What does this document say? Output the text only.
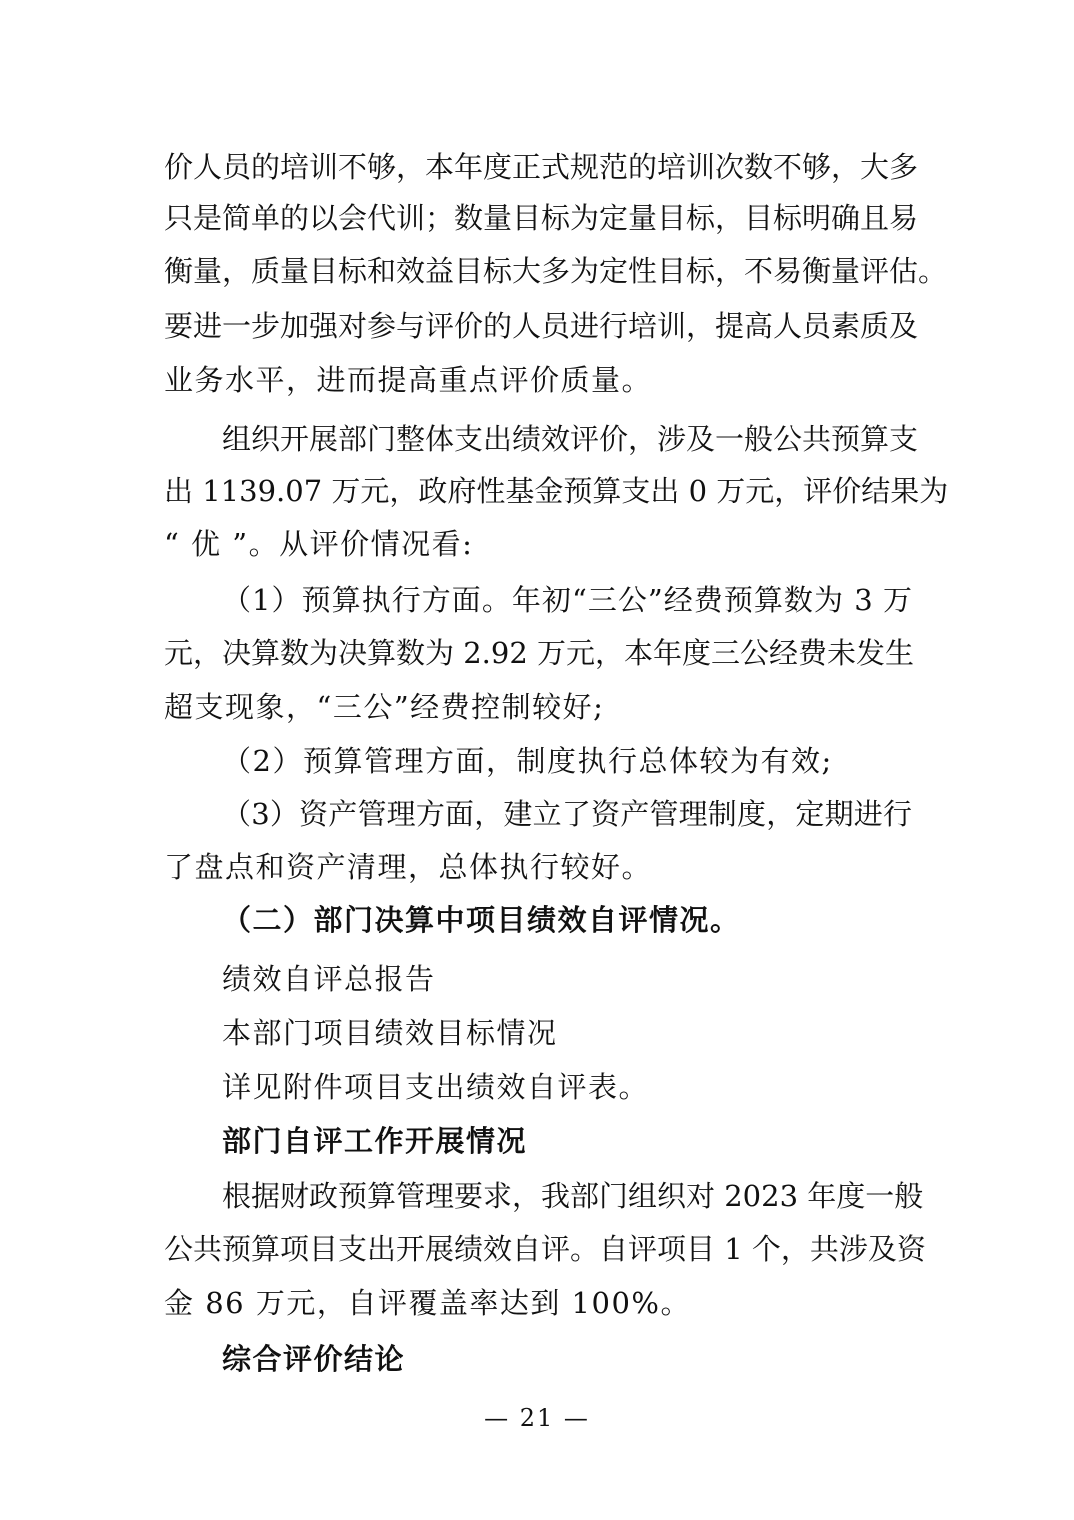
价人员的培训不够，本年度正式规范的培训次数不够，大多
只是简单的以会代训；数量目标为定量目标，目标明确且易
衡量，质量目标和效益目标大多为定性目标，不易衡量评估。
要进一步加强对参与评价的人员进行培训，提高人员素质及
业务水平，进而提高重点评价质量。
组织开展部门整体支出绩效评价，涉及一般公共预算支
出 1139.07 万元，政府性基金预算支出 0 万元，评价结果为
“ 优 ”。从评价情况看:
（1）预算执行方面。年初“三公”经费预算数为 3 万
元，决算数为决算数为 2.92 万元，本年度三公经费未发生
超支现象，“三公”经费控制较好;
（2）预算管理方面，制度执行总体较为有效;
（3）资产管理方面，建立了资产管理制度，定期进行
了盘点和资产清理，总体执行较好。
（二）部门决算中项目绩效自评情况。
绩效自评总报告
本部门项目绩效目标情况
详见附件项目支出绩效自评表。
部门自评工作开展情况
根据财政预算管理要求，我部门组织对 2023 年度一般
公共预算项目支出开展绩效自评。自评项目 1 个，共涉及资
金 86 万元，自评覆盖率达到 100%。
综合评价结论
— 21 —
